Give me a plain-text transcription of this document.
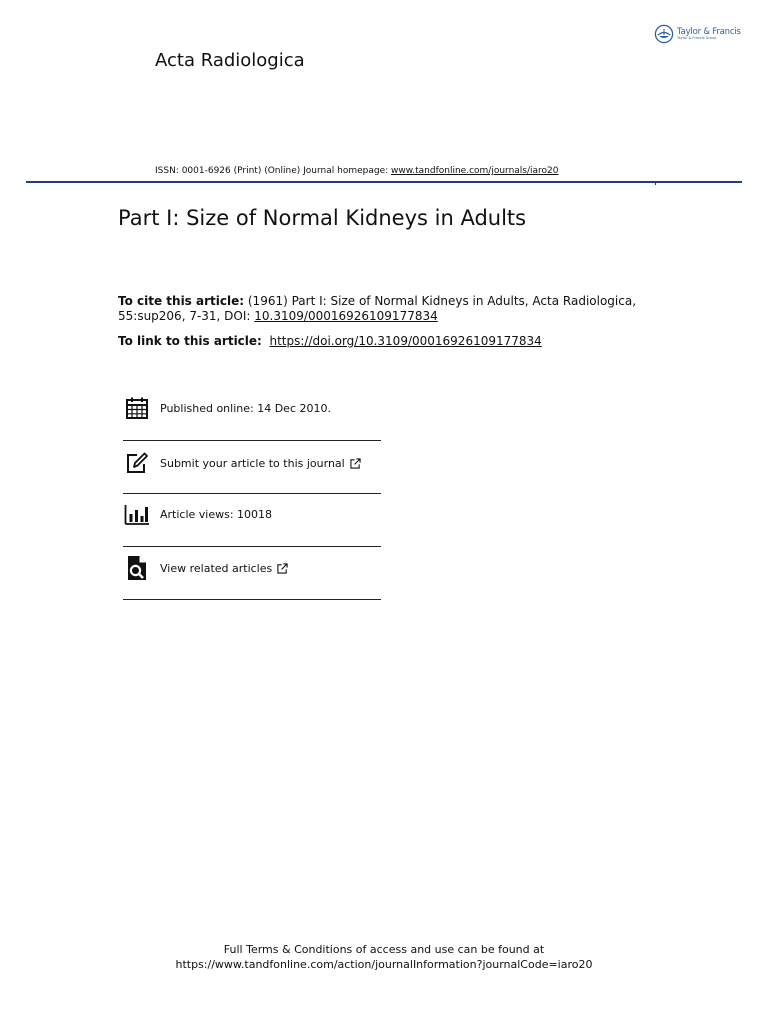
Taylor & Francis
Taylor & Francis Group
Acta Radiologica
ISSN: 0001-6926 (Print) (Online) Journal homepage: www.tandfonline.com/journals/iaro20
Part I: Size of Normal Kidneys in Adults
To cite this article: (1961) Part I: Size of Normal Kidneys in Adults, Acta Radiologica, 55:sup206, 7-31, DOI: 10.3109/00016926109177834
To link to this article: https://doi.org/10.3109/00016926109177834
Published online: 14 Dec 2010.
Submit your article to this journal
Article views: 10018
View related articles
Full Terms & Conditions of access and use can be found at
https://www.tandfonline.com/action/journalInformation?journalCode=iaro20
